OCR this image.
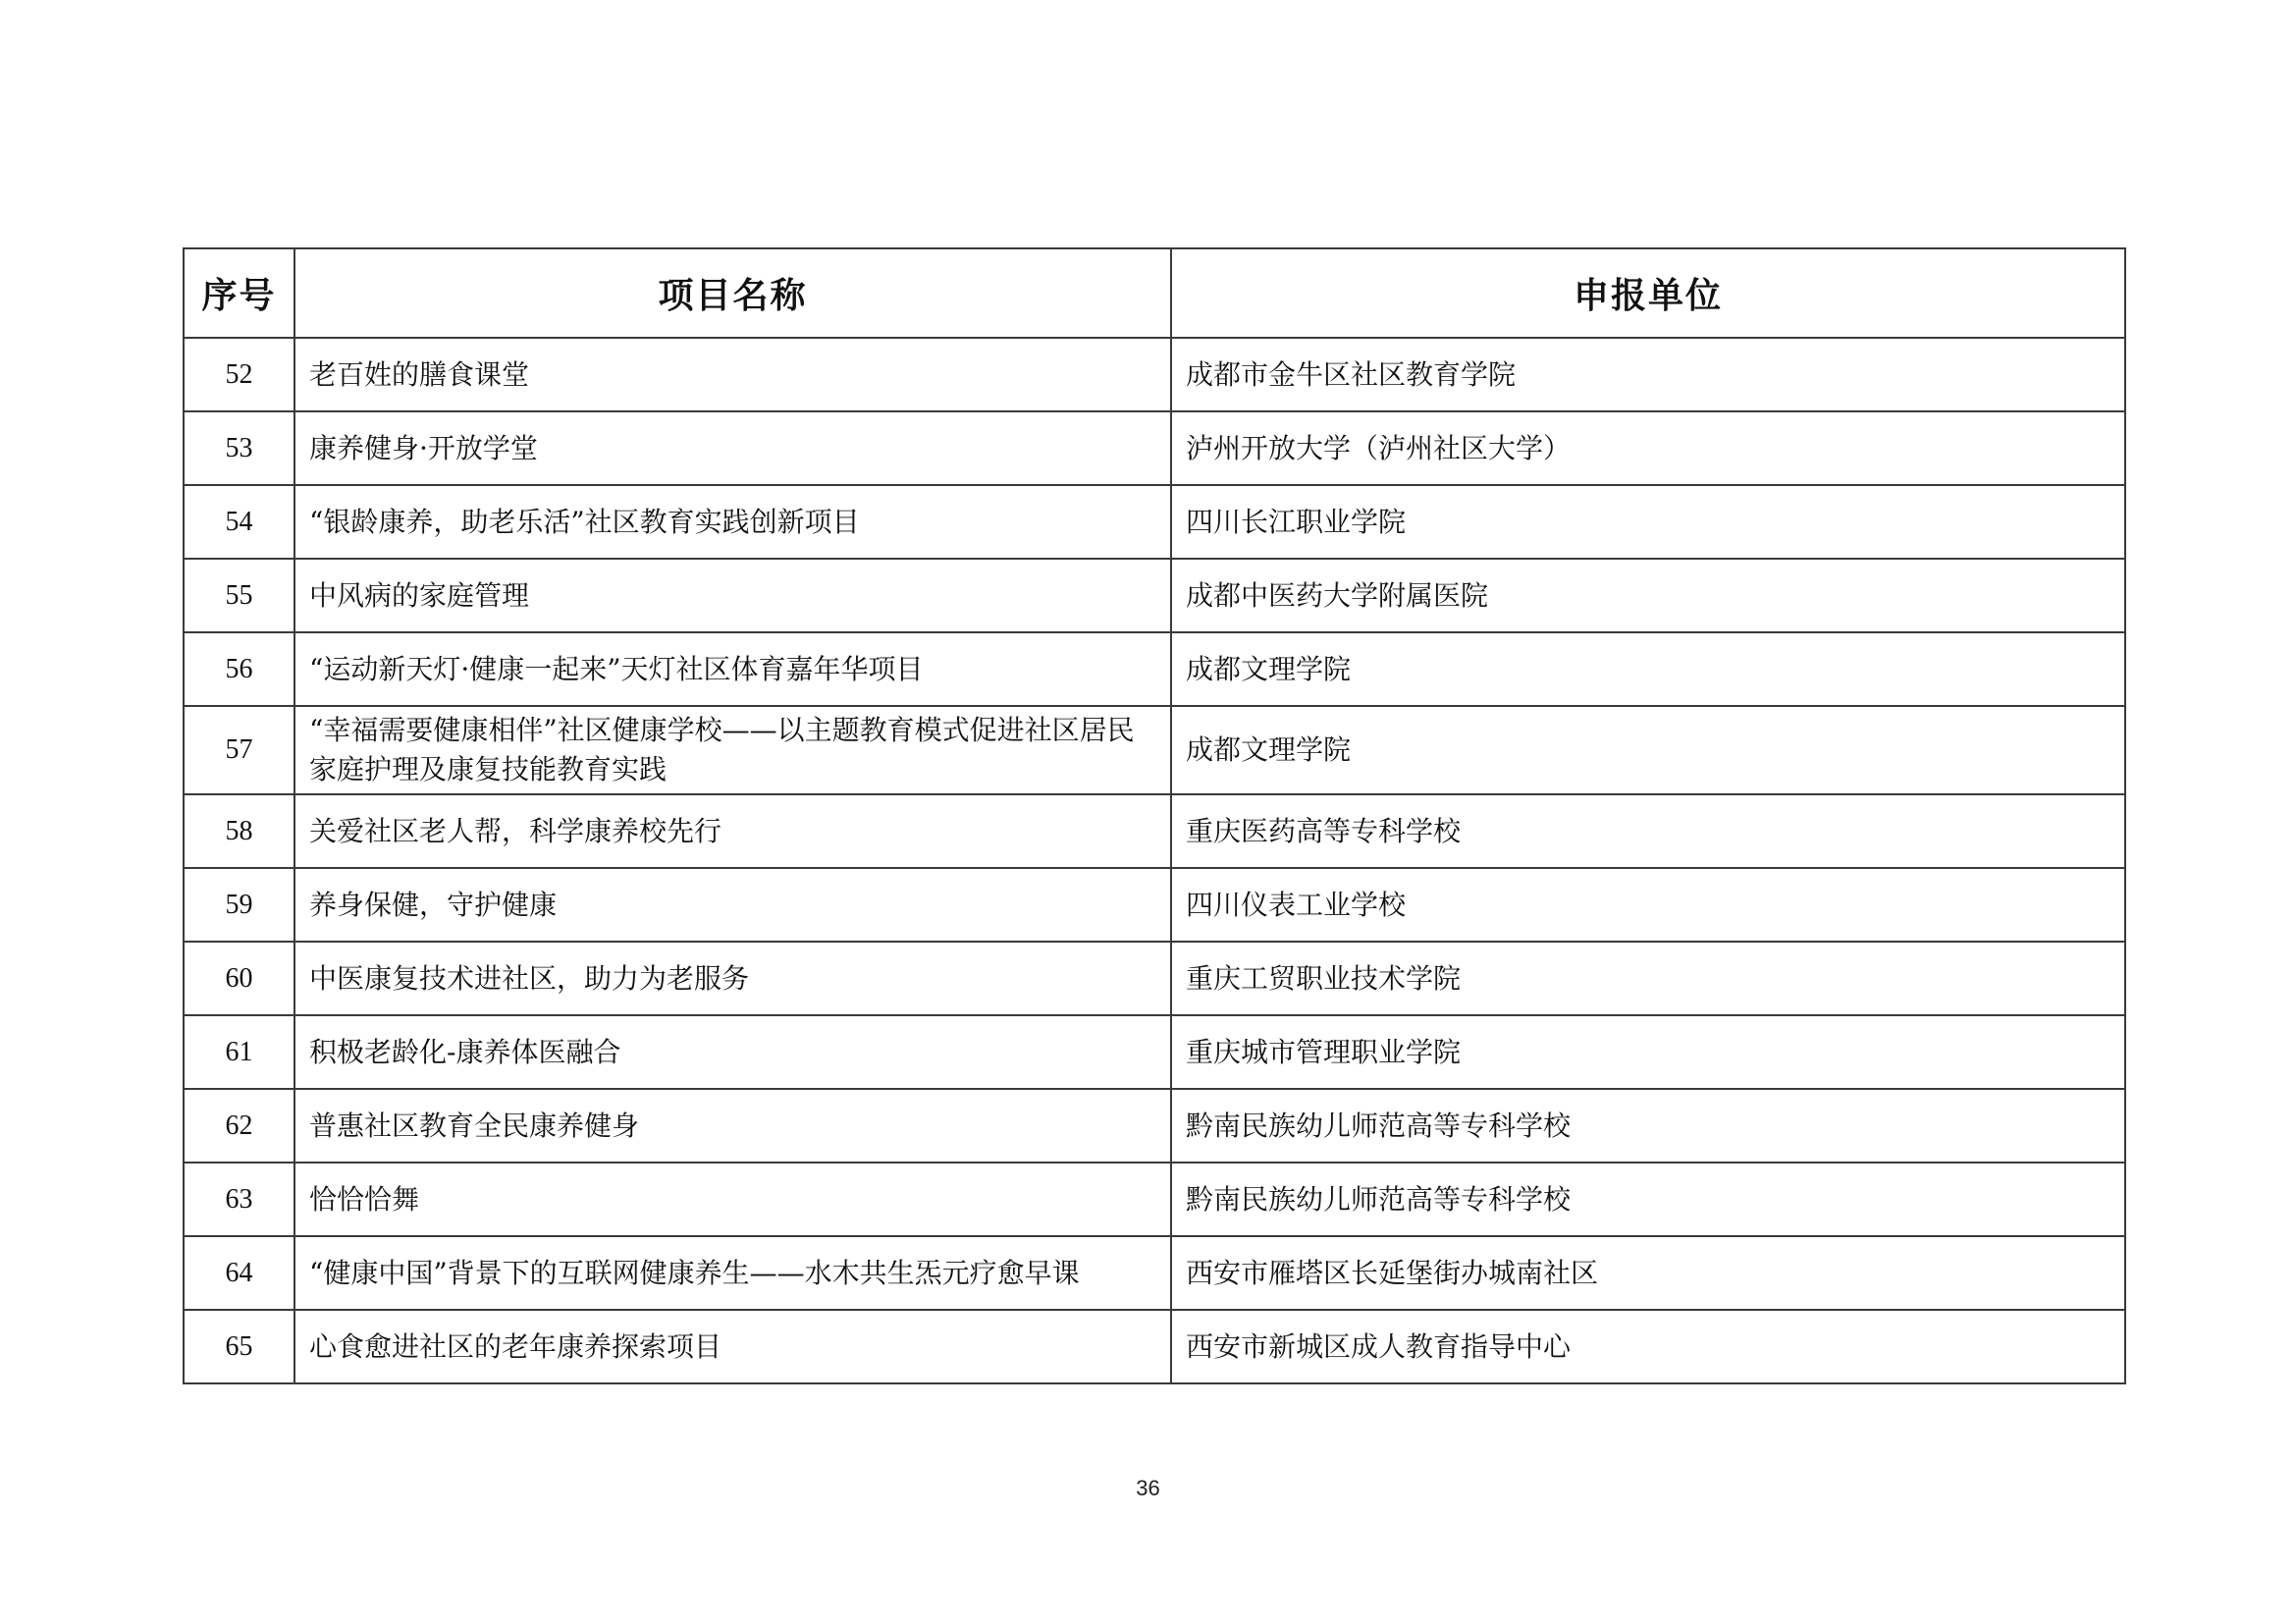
序号	项目名称	申报单位
52	老百姓的膳食课堂	成都市金牛区社区教育学院
53	康养健身·开放学堂	泸州开放大学（泸州社区大学）
54	“银龄康养，助老乐活”社区教育实践创新项目	四川长江职业学院
55	中风病的家庭管理	成都中医药大学附属医院
56	“运动新天灯·健康一起来”天灯社区体育嘉年华项目	成都文理学院
57	“幸福需要健康相伴”社区健康学校——以主题教育模式促进社区居民家庭护理及康复技能教育实践	成都文理学院
58	关爱社区老人帮，科学康养校先行	重庆医药高等专科学校
59	养身保健，守护健康	四川仪表工业学校
60	中医康复技术进社区，助力为老服务	重庆工贸职业技术学院
61	积极老龄化-康养体医融合	重庆城市管理职业学院
62	普惠社区教育全民康养健身	黔南民族幼儿师范高等专科学校
63	恰恰恰舞	黔南民族幼儿师范高等专科学校
64	“健康中国”背景下的互联网健康养生——水木共生炁元疗愈早课	西安市雁塔区长延堡街办城南社区
65	心食愈进社区的老年康养探索项目	西安市新城区成人教育指导中心
36
